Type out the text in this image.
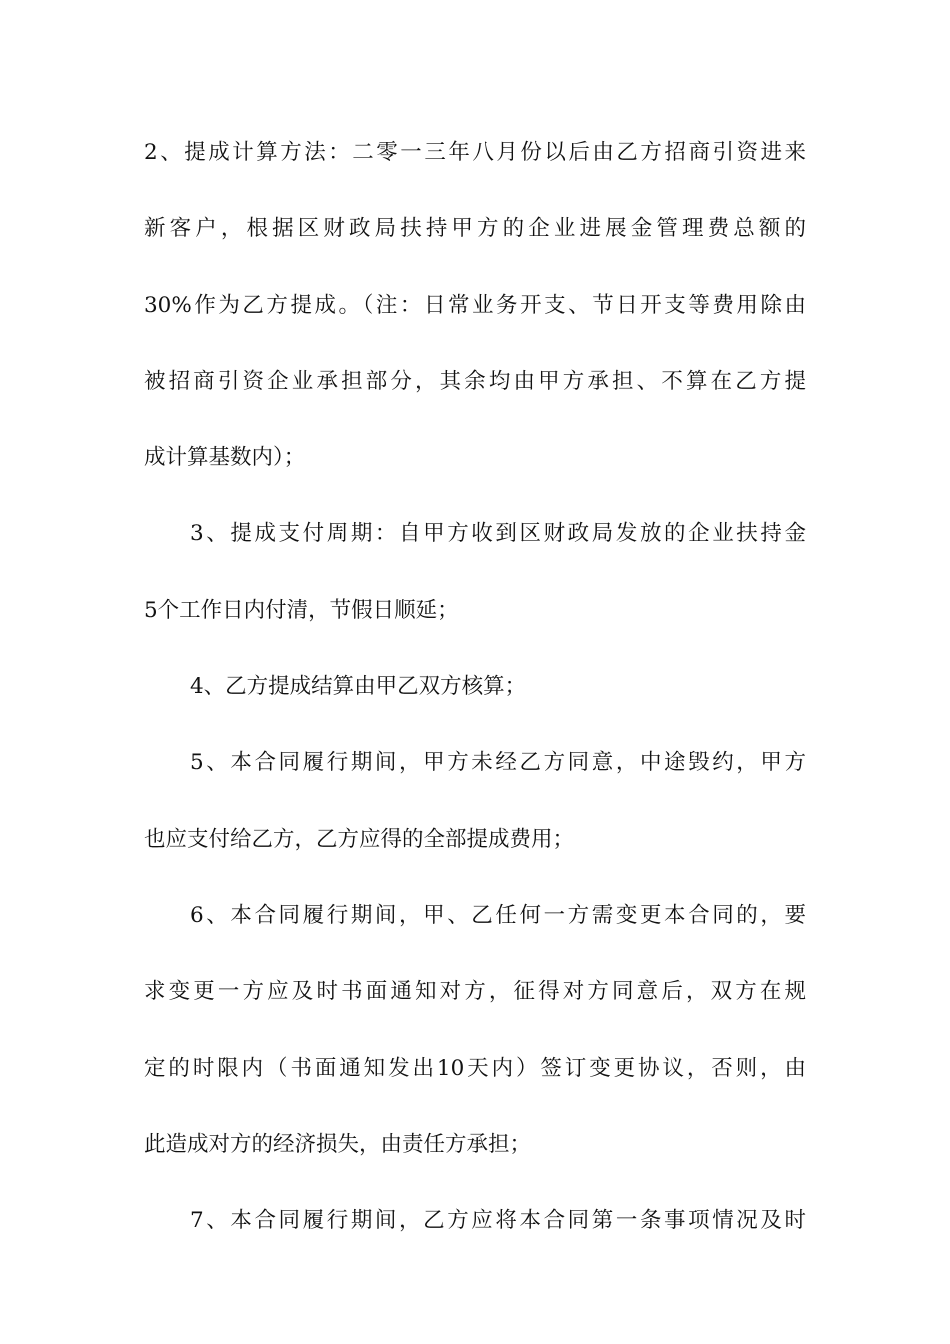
2、提成计算方法：二零一三年八月份以后由乙方招商引资进来
新客户，根据区财政局扶持甲方的企业进展金管理费总额的
30%作为乙方提成。（注：日常业务开支、节日开支等费用除由
被招商引资企业承担部分，其余均由甲方承担、不算在乙方提
成计算基数内）；
3、提成支付周期：自甲方收到区财政局发放的企业扶持金
5个工作日内付清，节假日顺延；
4、乙方提成结算由甲乙双方核算；
5、本合同履行期间，甲方未经乙方同意，中途毁约，甲方
也应支付给乙方，乙方应得的全部提成费用；
6、本合同履行期间，甲、乙任何一方需变更本合同的，要
求变更一方应及时书面通知对方，征得对方同意后，双方在规
定的时限内（书面通知发出10天内）签订变更协议，否则，由
此造成对方的经济损失，由责任方承担；
7、本合同履行期间，乙方应将本合同第一条事项情况及时
